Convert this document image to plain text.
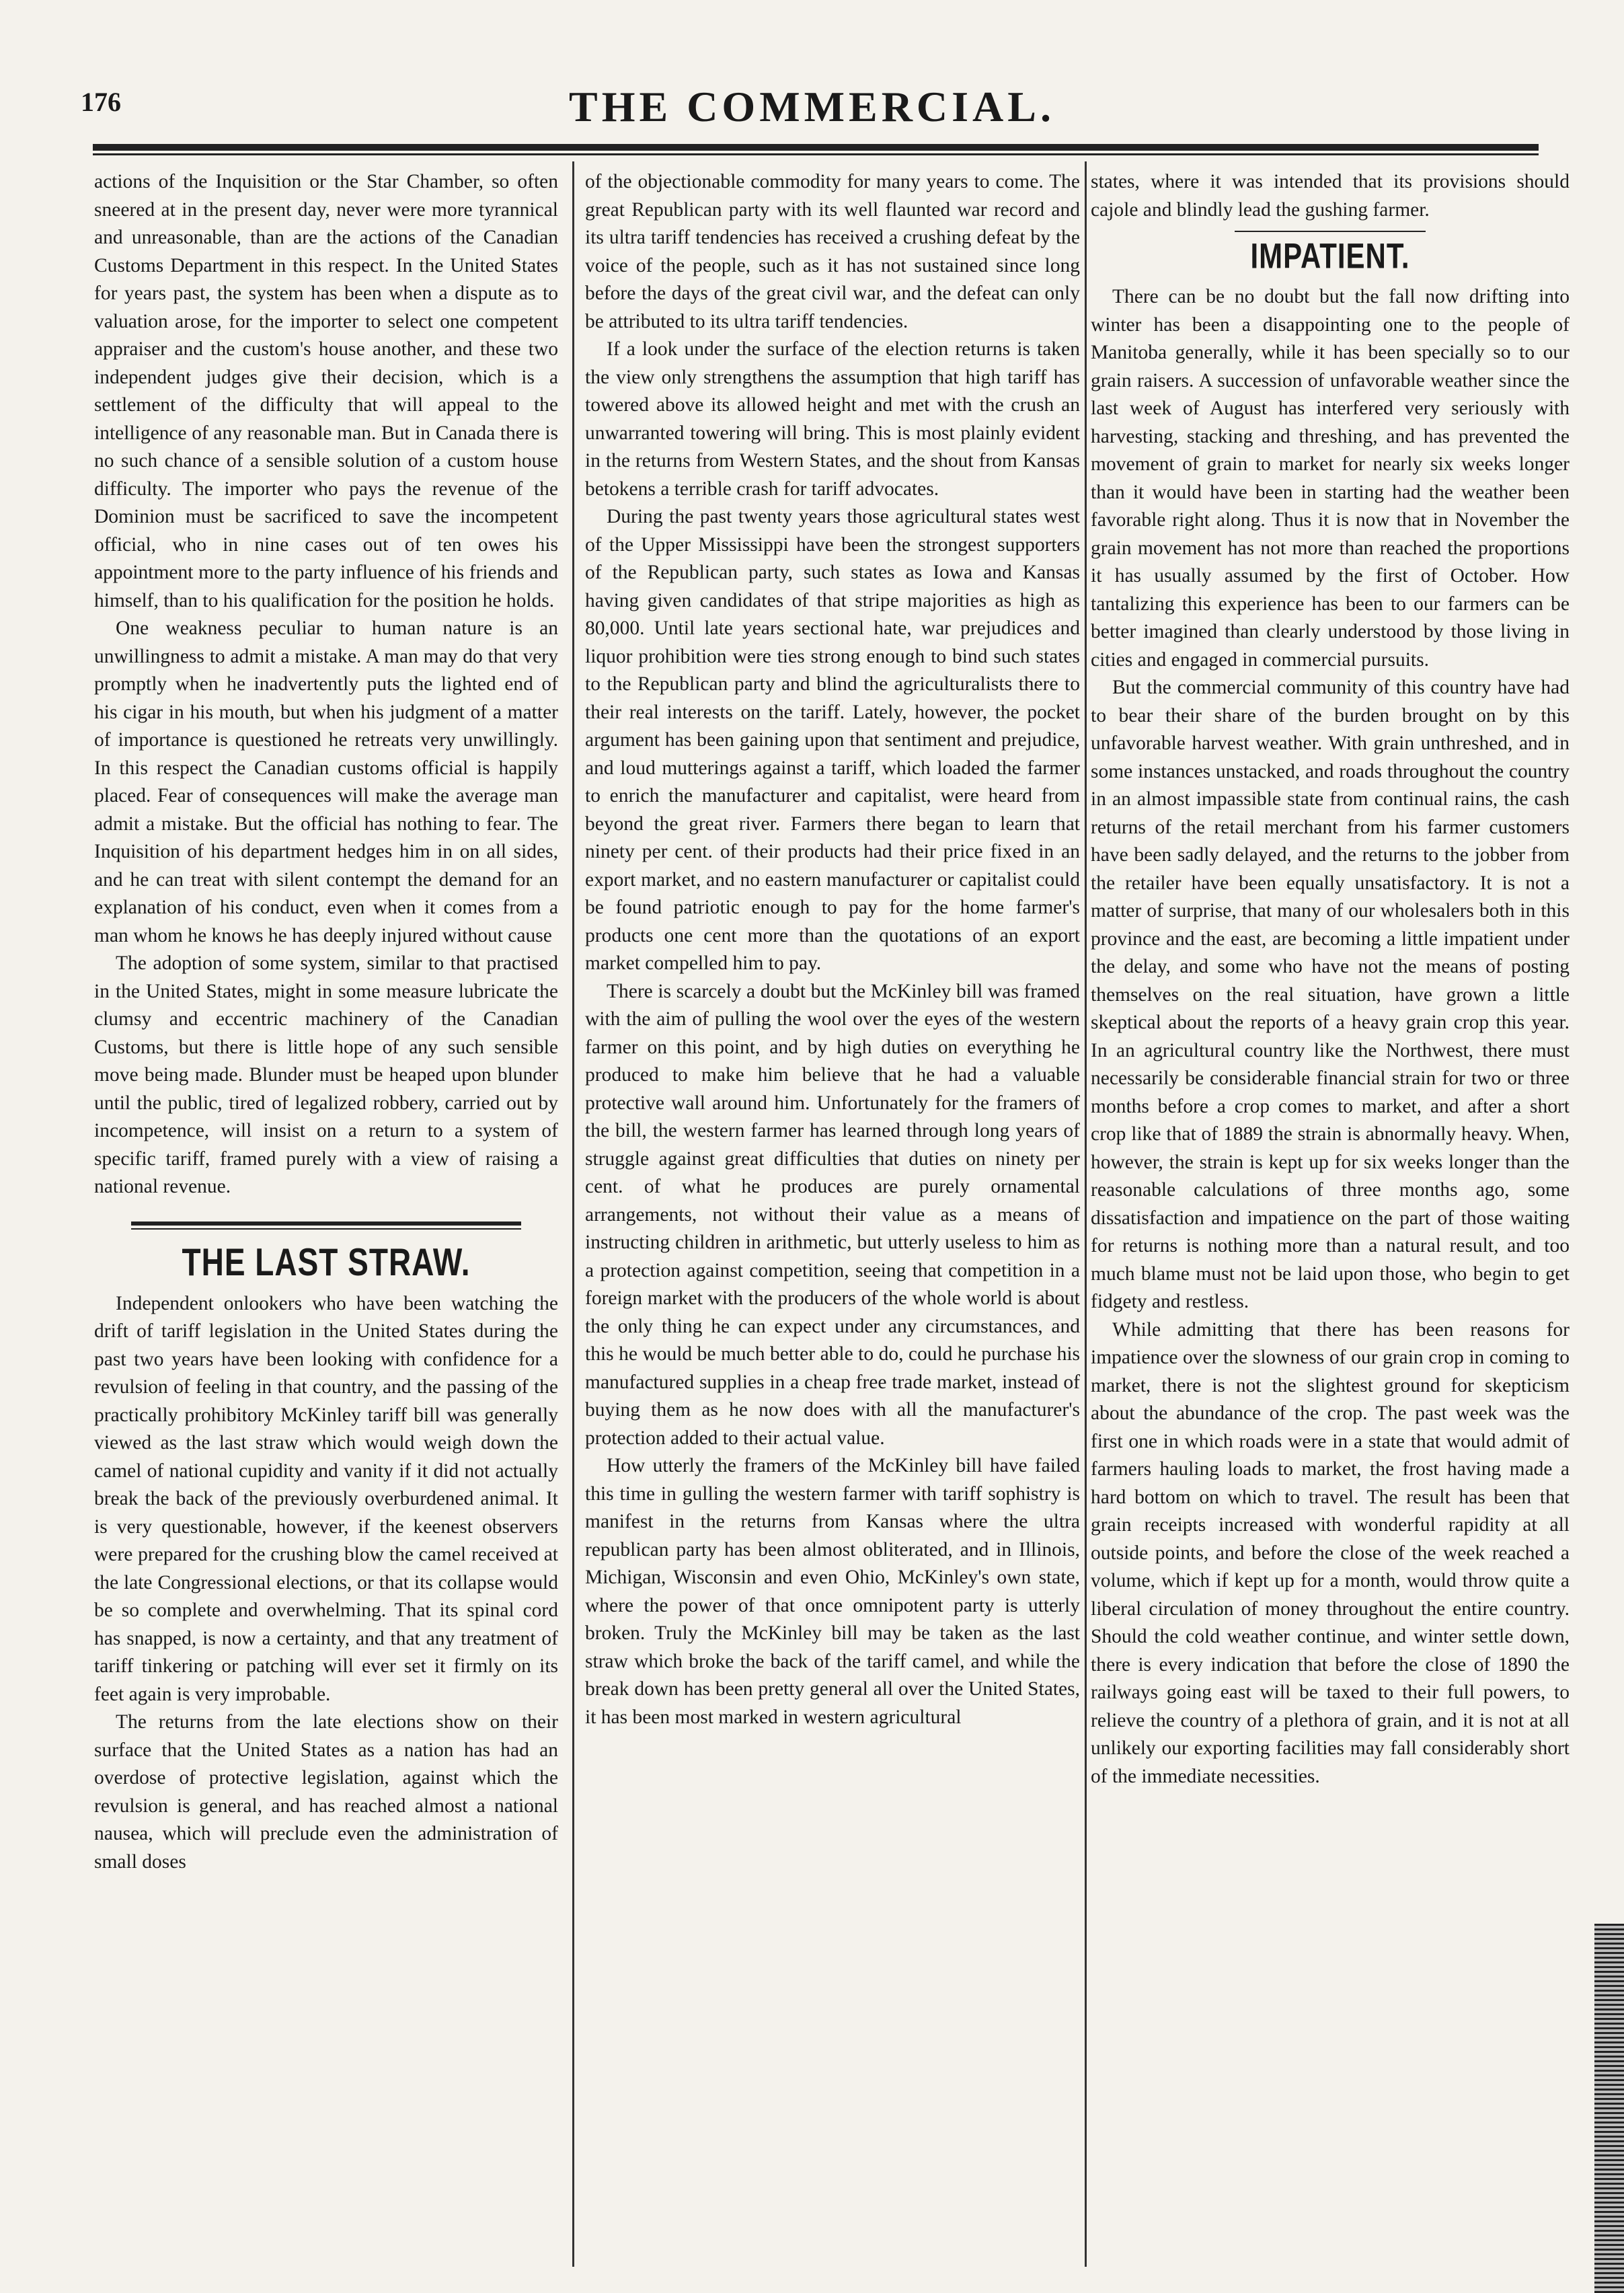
176	THE COMMERCIAL.

actions of the Inquisition or the Star Chamber, so often sneered at in the present day, never were more tyrannical and unreasonable, than are the actions of the Canadian Customs Department in this respect. In the United States for years past, the system has been when a dispute as to valuation arose, for the importer to select one competent appraiser and the custom's house another, and these two independent judges give their decision, which is a settlement of the difficulty that will appeal to the intelligence of any reasonable man. But in Canada there is no such chance of a sensible solution of a custom house difficulty. The importer who pays the revenue of the Dominion must be sacrificed to save the incompetent official, who in nine cases out of ten owes his appointment more to the party influence of his friends and himself, than to his qualification for the position he holds.

One weakness peculiar to human nature is an unwillingness to admit a mistake. A man may do that very promptly when he inadvertently puts the lighted end of his cigar in his mouth, but when his judgment of a matter of importance is questioned he retreats very unwillingly. In this respect the Canadian customs official is happily placed. Fear of consequences will make the average man admit a mistake. But the official has nothing to fear. The Inquisition of his department hedges him in on all sides, and he can treat with silent contempt the demand for an explanation of his conduct, even when it comes from a man whom he knows he has deeply injured without cause

The adoption of some system, similar to that practised in the United States, might in some measure lubricate the clumsy and eccentric machinery of the Canadian Customs, but there is little hope of any such sensible move being made. Blunder must be heaped upon blunder until the public, tired of legalized robbery, carried out by incompetence, will insist on a return to a system of specific tariff, framed purely with a view of raising a national revenue.

THE LAST STRAW.

Independent onlookers who have been watching the drift of tariff legislation in the United States during the past two years have been looking with confidence for a revulsion of feeling in that country, and the passing of the practically prohibitory McKinley tariff bill was generally viewed as the last straw which would weigh down the camel of national cupidity and vanity if it did not actually break the back of the previously overburdened animal. It is very questionable, however, if the keenest observers were prepared for the crushing blow the camel received at the late Congressional elections, or that its collapse would be so complete and overwhelming. That its spinal cord has snapped, is now a certainty, and that any treatment of tariff tinkering or patching will ever set it firmly on its feet again is very improbable.

The returns from the late elections show on their surface that the United States as a nation has had an overdose of protective legislation, against which the revulsion is general, and has reached almost a national nausea, which will preclude even the administration of small doses

of the objectionable commodity for many years to come. The great Republican party with its well flaunted war record and its ultra tariff tendencies has received a crushing defeat by the voice of the people, such as it has not sustained since long before the days of the great civil war, and the defeat can only be attributed to its ultra tariff tendencies.

If a look under the surface of the election returns is taken the view only strengthens the assumption that high tariff has towered above its allowed height and met with the crush an unwarranted towering will bring. This is most plainly evident in the returns from Western States, and the shout from Kansas betokens a terrible crash for tariff advocates.

During the past twenty years those agricultural states west of the Upper Mississippi have been the strongest supporters of the Republican party, such states as Iowa and Kansas having given candidates of that stripe majorities as high as 80,000. Until late years sectional hate, war prejudices and liquor prohibition were ties strong enough to bind such states to the Republican party and blind the agriculturalists there to their real interests on the tariff. Lately, however, the pocket argument has been gaining upon that sentiment and prejudice, and loud mutterings against a tariff, which loaded the farmer to enrich the manufacturer and capitalist, were heard from beyond the great river. Farmers there began to learn that ninety per cent. of their products had their price fixed in an export market, and no eastern manufacturer or capitalist could be found patriotic enough to pay for the home farmer's products one cent more than the quotations of an export market compelled him to pay.

There is scarcely a doubt but the McKinley bill was framed with the aim of pulling the wool over the eyes of the western farmer on this point, and by high duties on everything he produced to make him believe that he had a valuable protective wall around him. Unfortunately for the framers of the bill, the western farmer has learned through long years of struggle against great difficulties that duties on ninety per cent. of what he produces are purely ornamental arrangements, not without their value as a means of instructing children in arithmetic, but utterly useless to him as a protection against competition, seeing that competition in a foreign market with the producers of the whole world is about the only thing he can expect under any circumstances, and this he would be much better able to do, could he purchase his manufactured supplies in a cheap free trade market, instead of buying them as he now does with all the manufacturer's protection added to their actual value.

How utterly the framers of the McKinley bill have failed this time in gulling the western farmer with tariff sophistry is manifest in the returns from Kansas where the ultra republican party has been almost obliterated, and in Illinois, Michigan, Wisconsin and even Ohio, McKinley's own state, where the power of that once omnipotent party is utterly broken. Truly the McKinley bill may be taken as the last straw which broke the back of the tariff camel, and while the break down has been pretty general all over the United States, it has been most marked in western agricultural

states, where it was intended that its provisions should cajole and blindly lead the gushing farmer.

IMPATIENT.

There can be no doubt but the fall now drifting into winter has been a disappointing one to the people of Manitoba generally, while it has been specially so to our grain raisers. A succession of unfavorable weather since the last week of August has interfered very seriously with harvesting, stacking and threshing, and has prevented the movement of grain to market for nearly six weeks longer than it would have been in starting had the weather been favorable right along. Thus it is now that in November the grain movement has not more than reached the proportions it has usually assumed by the first of October. How tantalizing this experience has been to our farmers can be better imagined than clearly understood by those living in cities and engaged in commercial pursuits.

But the commercial community of this country have had to bear their share of the burden brought on by this unfavorable harvest weather. With grain unthreshed, and in some instances unstacked, and roads throughout the country in an almost impassible state from continual rains, the cash returns of the retail merchant from his farmer customers have been sadly delayed, and the returns to the jobber from the retailer have been equally unsatisfactory. It is not a matter of surprise, that many of our wholesalers both in this province and the east, are becoming a little impatient under the delay, and some who have not the means of posting themselves on the real situation, have grown a little skeptical about the reports of a heavy grain crop this year. In an agricultural country like the Northwest, there must necessarily be considerable financial strain for two or three months before a crop comes to market, and after a short crop like that of 1889 the strain is abnormally heavy. When, however, the strain is kept up for six weeks longer than the reasonable calculations of three months ago, some dissatisfaction and impatience on the part of those waiting for returns is nothing more than a natural result, and too much blame must not be laid upon those, who begin to get fidgety and restless.

While admitting that there has been reasons for impatience over the slowness of our grain crop in coming to market, there is not the slightest ground for skepticism about the abundance of the crop. The past week was the first one in which roads were in a state that would admit of farmers hauling loads to market, the frost having made a hard bottom on which to travel. The result has been that grain receipts increased with wonderful rapidity at all outside points, and before the close of the week reached a volume, which if kept up for a month, would throw quite a liberal circulation of money throughout the entire country. Should the cold weather continue, and winter settle down, there is every indication that before the close of 1890 the railways going east will be taxed to their full powers, to relieve the country of a plethora of grain, and it is not at all unlikely our exporting facilities may fall considerably short of the immediate necessities.
